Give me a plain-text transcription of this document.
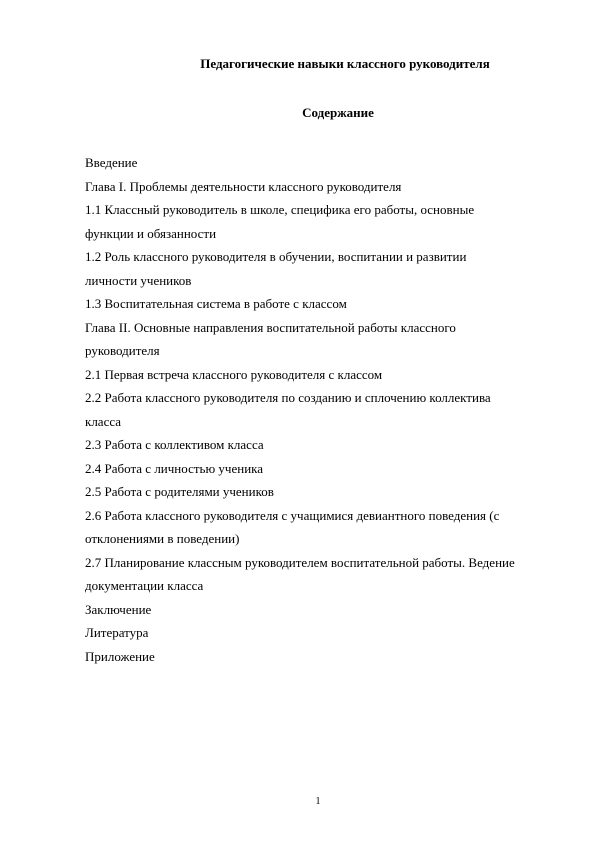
Педагогические навыки классного руководителя
Содержание
Введение
Глава I. Проблемы деятельности классного руководителя
1.1 Классный руководитель в школе, специфика его работы, основные
функции и обязанности
1.2 Роль классного руководителя в обучении, воспитании и развитии
личности учеников
1.3 Воспитательная система в работе с классом
Глава II. Основные направления воспитательной работы классного
руководителя
2.1 Первая встреча классного руководителя с классом
2.2 Работа классного руководителя по созданию и сплочению коллектива
класса
2.3 Работа с коллективом класса
2.4 Работа с личностью ученика
2.5 Работа с родителями учеников
2.6 Работа классного руководителя с учащимися девиантного поведения (с
отклонениями в поведении)
2.7 Планирование классным руководителем воспитательной работы. Ведение
документации класса
Заключение
Литература
Приложение
1
